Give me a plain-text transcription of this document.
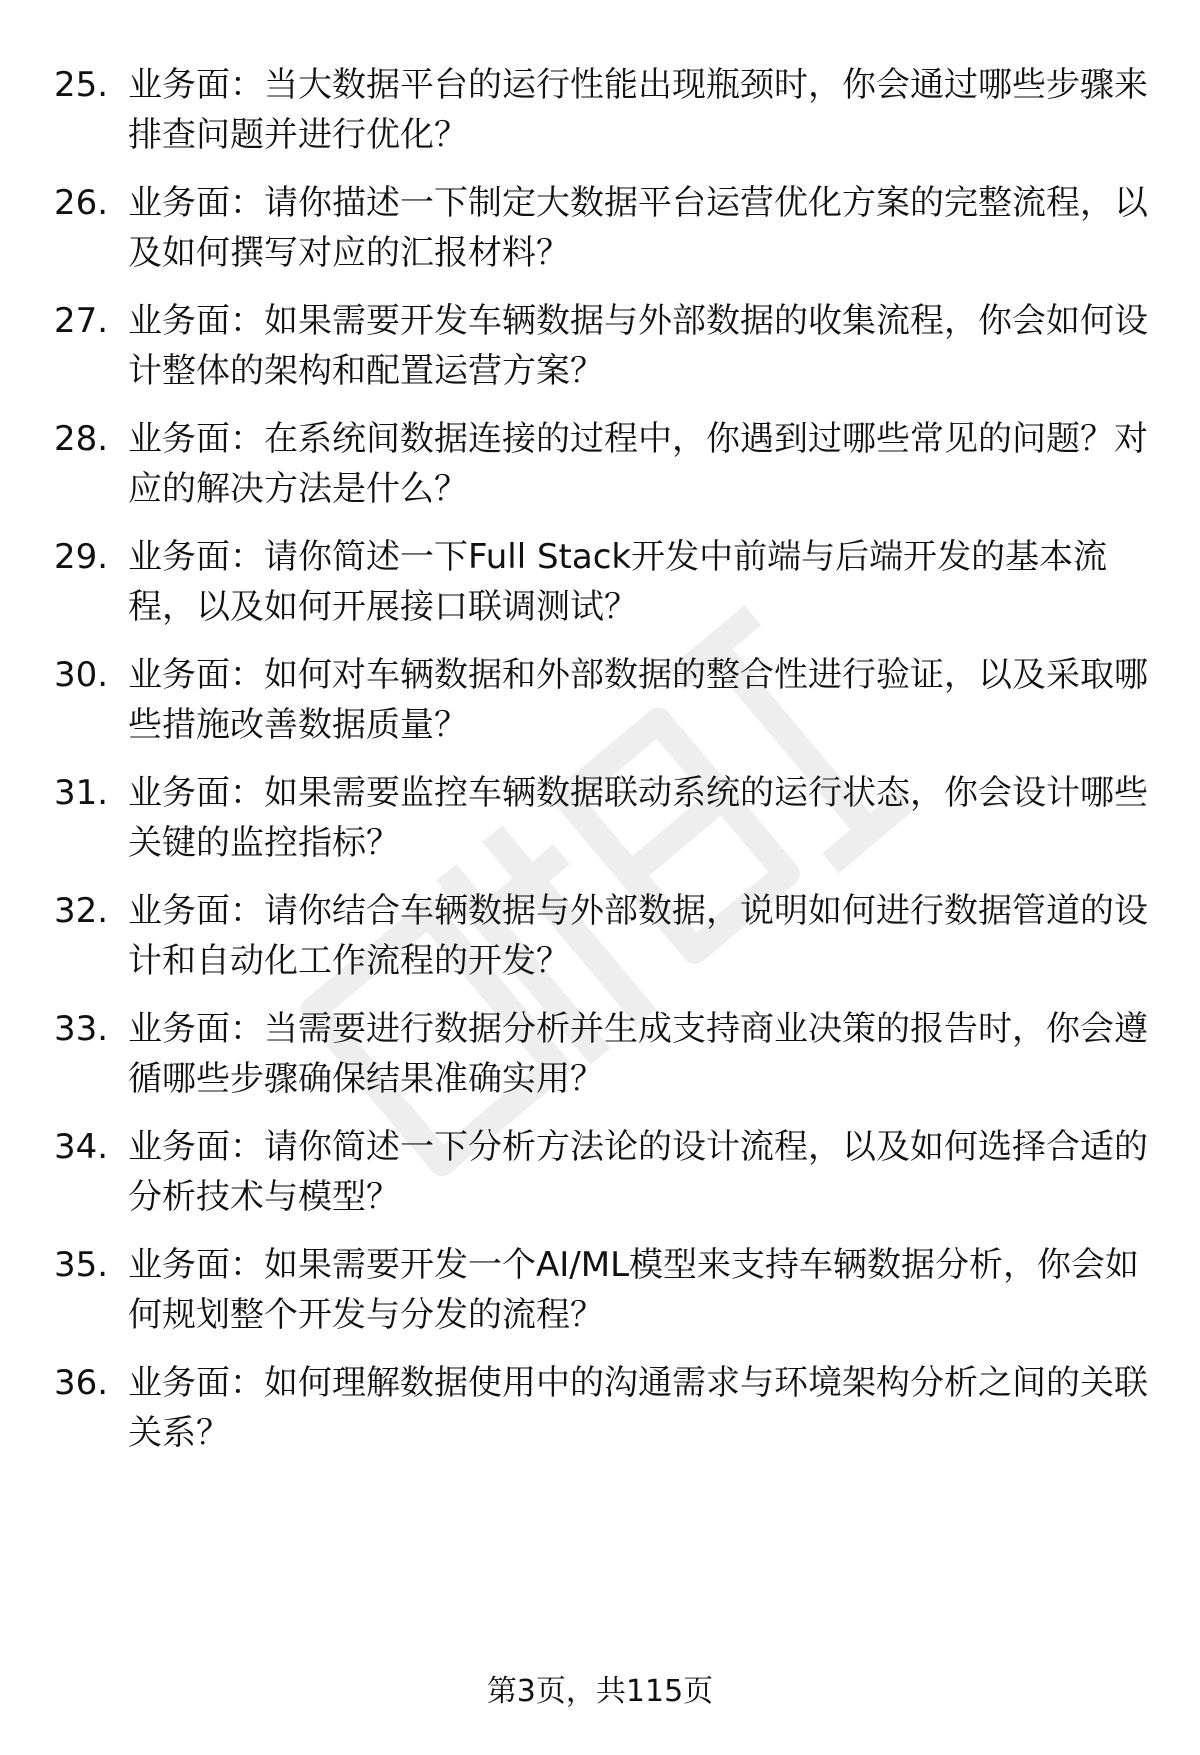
25. 业务面：当大数据平台的运行性能出现瓶颈时，你会通过哪些步骤来排查问题并进行优化？
26. 业务面：请你描述一下制定大数据平台运营优化方案的完整流程，以及如何撰写对应的汇报材料？
27. 业务面：如果需要开发车辆数据与外部数据的收集流程，你会如何设计整体的架构和配置运营方案？
28. 业务面：在系统间数据连接的过程中，你遇到过哪些常见的问题？对应的解决方法是什么？
29. 业务面：请你简述一下Full Stack开发中前端与后端开发的基本流程，以及如何开展接口联调测试？
30. 业务面：如何对车辆数据和外部数据的整合性进行验证，以及采取哪些措施改善数据质量？
31. 业务面：如果需要监控车辆数据联动系统的运行状态，你会设计哪些关键的监控指标？
32. 业务面：请你结合车辆数据与外部数据，说明如何进行数据管道的设计和自动化工作流程的开发？
33. 业务面：当需要进行数据分析并生成支持商业决策的报告时，你会遵循哪些步骤确保结果准确实用？
34. 业务面：请你简述一下分析方法论的设计流程，以及如何选择合适的分析技术与模型？
35. 业务面：如果需要开发一个AI/ML模型来支持车辆数据分析，你会如何规划整个开发与分发的流程？
36. 业务面：如何理解数据使用中的沟通需求与环境架构分析之间的关联关系？
第3页，共115页
